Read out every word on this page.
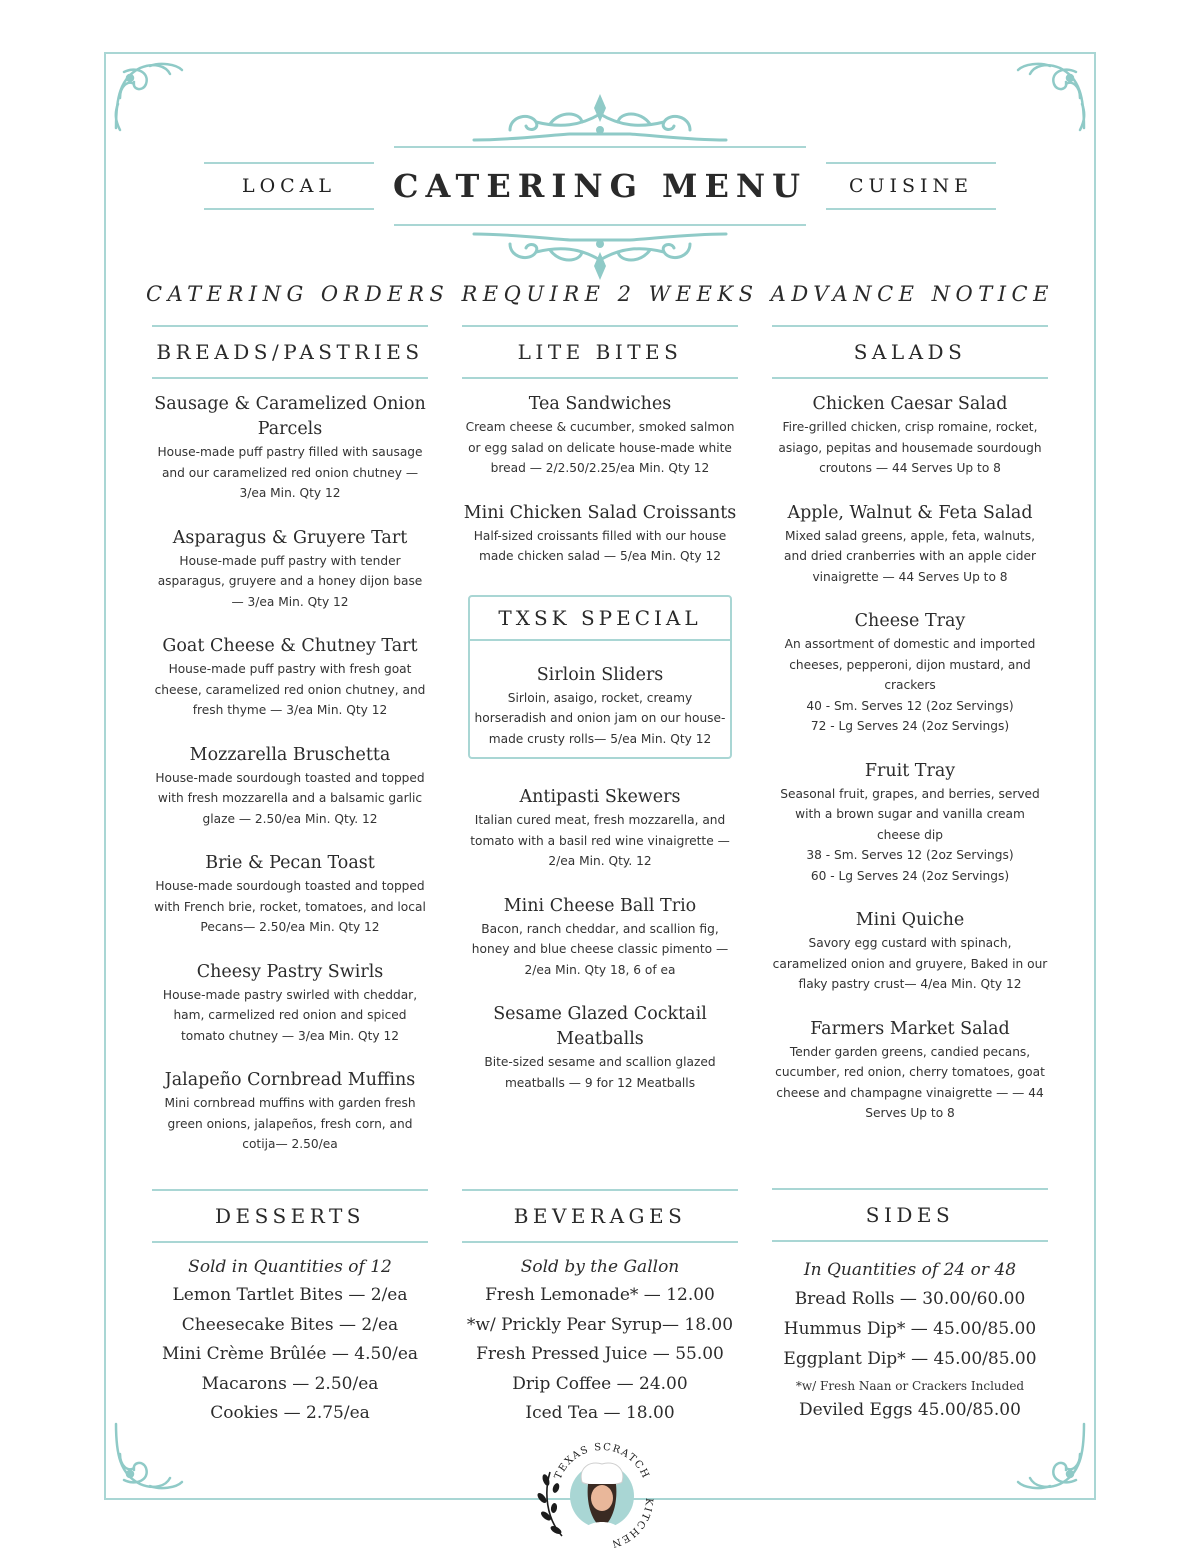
LOCAL	CATERING MENU	CUISINE
CATERING ORDERS REQUIRE 2 WEEKS ADVANCE NOTICE
BREADS/PASTRIES
Sausage & Caramelized Onion Parcels
House-made puff pastry filled with sausage and our caramelized red onion chutney — 3/ea Min. Qty 12
Asparagus & Gruyere Tart
House-made puff pastry with tender asparagus, gruyere and a honey dijon base — 3/ea Min. Qty 12
Goat Cheese & Chutney Tart
House-made puff pastry with fresh goat cheese, caramelized red onion chutney, and fresh thyme — 3/ea Min. Qty 12
Mozzarella Bruschetta
House-made sourdough toasted and topped with fresh mozzarella and a balsamic garlic glaze — 2.50/ea Min. Qty. 12
Brie & Pecan Toast
House-made sourdough toasted and topped with French brie, rocket, tomatoes, and local Pecans— 2.50/ea Min. Qty 12
Cheesy Pastry Swirls
House-made pastry swirled with cheddar, ham, carmelized red onion and spiced tomato chutney — 3/ea Min. Qty 12
Jalapeño Cornbread Muffins
Mini cornbread muffins with garden fresh green onions, jalapeños, fresh corn, and cotija— 2.50/ea
LITE BITES
Tea Sandwiches
Cream cheese & cucumber, smoked salmon or egg salad on delicate house-made white bread — 2/2.50/2.25/ea Min. Qty 12
Mini Chicken Salad Croissants
Half-sized croissants filled with our house made chicken salad — 5/ea Min. Qty 12
TXSK SPECIAL
Sirloin Sliders
Sirloin, asaigo, rocket, creamy horseradish and onion jam on our house-made crusty rolls— 5/ea Min. Qty 12
Antipasti Skewers
Italian cured meat, fresh mozzarella, and tomato with a basil red wine vinaigrette — 2/ea Min. Qty. 12
Mini Cheese Ball Trio
Bacon, ranch cheddar, and scallion fig, honey and blue cheese classic pimento — 2/ea Min. Qty 18, 6 of ea
Sesame Glazed Cocktail Meatballs
Bite-sized sesame and scallion glazed meatballs — 9 for 12 Meatballs
SALADS
Chicken Caesar Salad
Fire-grilled chicken, crisp romaine, rocket, asiago, pepitas and housemade sourdough croutons — 44 Serves Up to 8
Apple, Walnut & Feta Salad
Mixed salad greens, apple, feta, walnuts, and dried cranberries with an apple cider vinaigrette — 44 Serves Up to 8
Cheese Tray
An assortment of domestic and imported cheeses, pepperoni, dijon mustard, and crackers
40 - Sm. Serves 12 (2oz Servings)
72 - Lg Serves 24 (2oz Servings)
Fruit Tray
Seasonal fruit, grapes, and berries, served with a brown sugar and vanilla cream cheese dip
38 - Sm. Serves 12 (2oz Servings)
60 - Lg Serves 24 (2oz Servings)
Mini Quiche
Savory egg custard with spinach, caramelized onion and gruyere, Baked in our flaky pastry crust— 4/ea Min. Qty 12
Farmers Market Salad
Tender garden greens, candied pecans, cucumber, red onion, cherry tomatoes, goat cheese and champagne vinaigrette — — 44 Serves Up to 8
DESSERTS
Sold in Quantities of 12
Lemon Tartlet Bites — 2/ea
Cheesecake Bites — 2/ea
Mini Crème Brûlée — 4.50/ea
Macarons — 2.50/ea
Cookies — 2.75/ea
BEVERAGES
Sold by the Gallon
Fresh Lemonade* — 12.00
*w/ Prickly Pear Syrup— 18.00
Fresh Pressed Juice — 55.00
Drip Coffee — 24.00
Iced Tea — 18.00
SIDES
In Quantities of 24 or 48
Bread Rolls — 30.00/60.00
Hummus Dip* — 45.00/85.00
Eggplant Dip* — 45.00/85.00
*w/ Fresh Naan or Crackers Included
Deviled Eggs 45.00/85.00
TEXAS SCRATCH
KITCHEN
